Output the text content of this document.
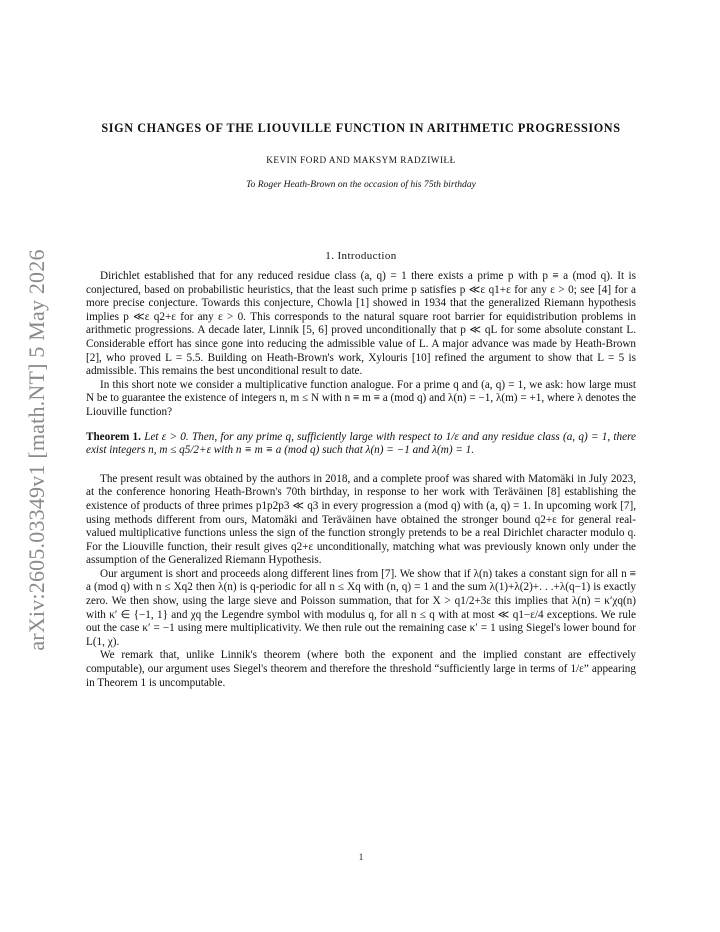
arXiv:2605.03349v1 [math.NT] 5 May 2026
SIGN CHANGES OF THE LIOUVILLE FUNCTION IN ARITHMETIC PROGRESSIONS
KEVIN FORD AND MAKSYM RADZIWIŁŁ
To Roger Heath-Brown on the occasion of his 75th birthday
1. Introduction

Dirichlet established that for any reduced residue class (a, q) = 1 there exists a prime p with p ≡ a (mod q). It is conjectured, based on probabilistic heuristics, that the least such prime p satisfies p ≪ε q1+ε for any ε > 0; see [4] for a more precise conjecture. Towards this conjecture, Chowla [1] showed in 1934 that the generalized Riemann hypothesis implies p ≪ε q2+ε for any ε > 0. This corresponds to the natural square root barrier for equidistribution problems in arithmetic progressions. A decade later, Linnik [5, 6] proved unconditionally that p ≪ qL for some absolute constant L. Considerable effort has since gone into reducing the admissible value of L. A major advance was made by Heath-Brown [2], who proved L = 5.5. Building on Heath-Brown's work, Xylouris [10] refined the argument to show that L = 5 is admissible. This remains the best unconditional result to date.

In this short note we consider a multiplicative function analogue. For a prime q and (a, q) = 1, we ask: how large must N be to guarantee the existence of integers n, m ≤ N with n ≡ m ≡ a (mod q) and λ(n) = −1, λ(m) = +1, where λ denotes the Liouville function?

Theorem 1. Let ε > 0. Then, for any prime q, sufficiently large with respect to 1/ε and any residue class (a, q) = 1, there exist integers n, m ≤ q5/2+ε with n ≡ m ≡ a (mod q) such that λ(n) = −1 and λ(m) = 1.

The present result was obtained by the authors in 2018, and a complete proof was shared with Matomäki in July 2023, at the conference honoring Heath-Brown's 70th birthday, in response to her work with Teräväinen [8] establishing the existence of products of three primes p1p2p3 ≪ q3 in every progression a (mod q) with (a, q) = 1. In upcoming work [7], using methods different from ours, Matomäki and Teräväinen have obtained the stronger bound q2+ε for general real-valued multiplicative functions unless the sign of the function strongly pretends to be a real Dirichlet character modulo q. For the Liouville function, their result gives q2+ε unconditionally, matching what was previously known only under the assumption of the Generalized Riemann Hypothesis.

Our argument is short and proceeds along different lines from [7]. We show that if λ(n) takes a constant sign for all n ≡ a (mod q) with n ≤ Xq2 then λ(n) is q-periodic for all n ≤ Xq with (n, q) = 1 and the sum λ(1)+λ(2)+. . .+λ(q−1) is exactly zero. We then show, using the large sieve and Poisson summation, that for X > q1/2+3ε this implies that λ(n) = κ′χq(n) with κ′ ∈ {−1, 1} and χq the Legendre symbol with modulus q, for all n ≤ q with at most ≪ q1−ε/4 exceptions. We rule out the case κ′ = −1 using mere multiplicativity. We then rule out the remaining case κ′ = 1 using Siegel's lower bound for L(1, χ).

We remark that, unlike Linnik's theorem (where both the exponent and the implied constant are effectively computable), our argument uses Siegel's theorem and therefore the threshold “sufficiently large in terms of 1/ε” appearing in Theorem 1 is uncomputable.

1
